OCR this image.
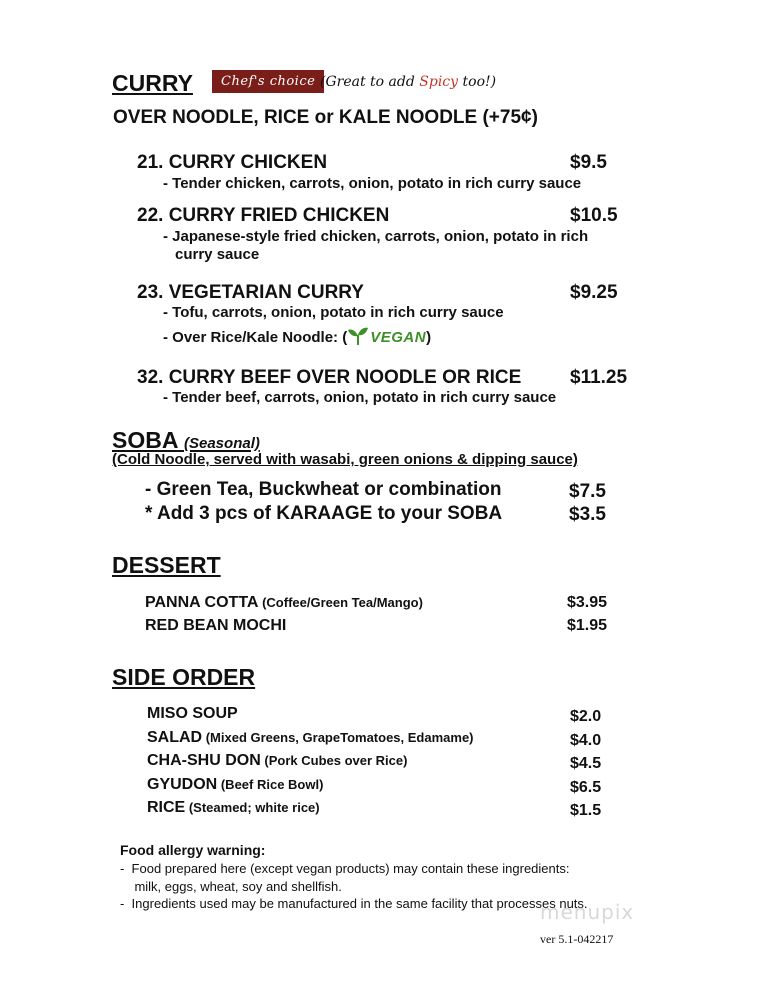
CURRY	Chef's choice (Great to add Spicy too!)
OVER NOODLE, RICE or KALE NOODLE (+75¢)
21. CURRY CHICKEN	$9.5
- Tender chicken, carrots, onion, potato in rich curry sauce
22. CURRY FRIED CHICKEN	$10.5
- Japanese-style fried chicken, carrots, onion, potato in rich
curry sauce
23. VEGETARIAN CURRY	$9.25
- Tofu, carrots, onion, potato in rich curry sauce
- Over Rice/Kale Noodle: ( VEGAN)
32. CURRY BEEF OVER NOODLE OR RICE	$11.25
- Tender beef, carrots, onion, potato in rich curry sauce
SOBA (Seasonal)
(Cold Noodle, served with wasabi, green onions & dipping sauce)
- Green Tea, Buckwheat or combination	$7.5
* Add 3 pcs of KARAAGE to your SOBA	$3.5
DESSERT
PANNA COTTA (Coffee/Green Tea/Mango)	$3.95
RED BEAN MOCHI	$1.95
SIDE ORDER
MISO SOUP	$2.0
SALAD (Mixed Greens, GrapeTomatoes, Edamame)	$4.0
CHA-SHU DON (Pork Cubes over Rice)	$4.5
GYUDON (Beef Rice Bowl)	$6.5
RICE (Steamed; white rice)	$1.5
Food allergy warning:
-  Food prepared here (except vegan products) may contain these ingredients:
milk, eggs, wheat, soy and shellfish.
-  Ingredients used may be manufactured in the same facility that processes nuts.
menupix
ver 5.1-042217
